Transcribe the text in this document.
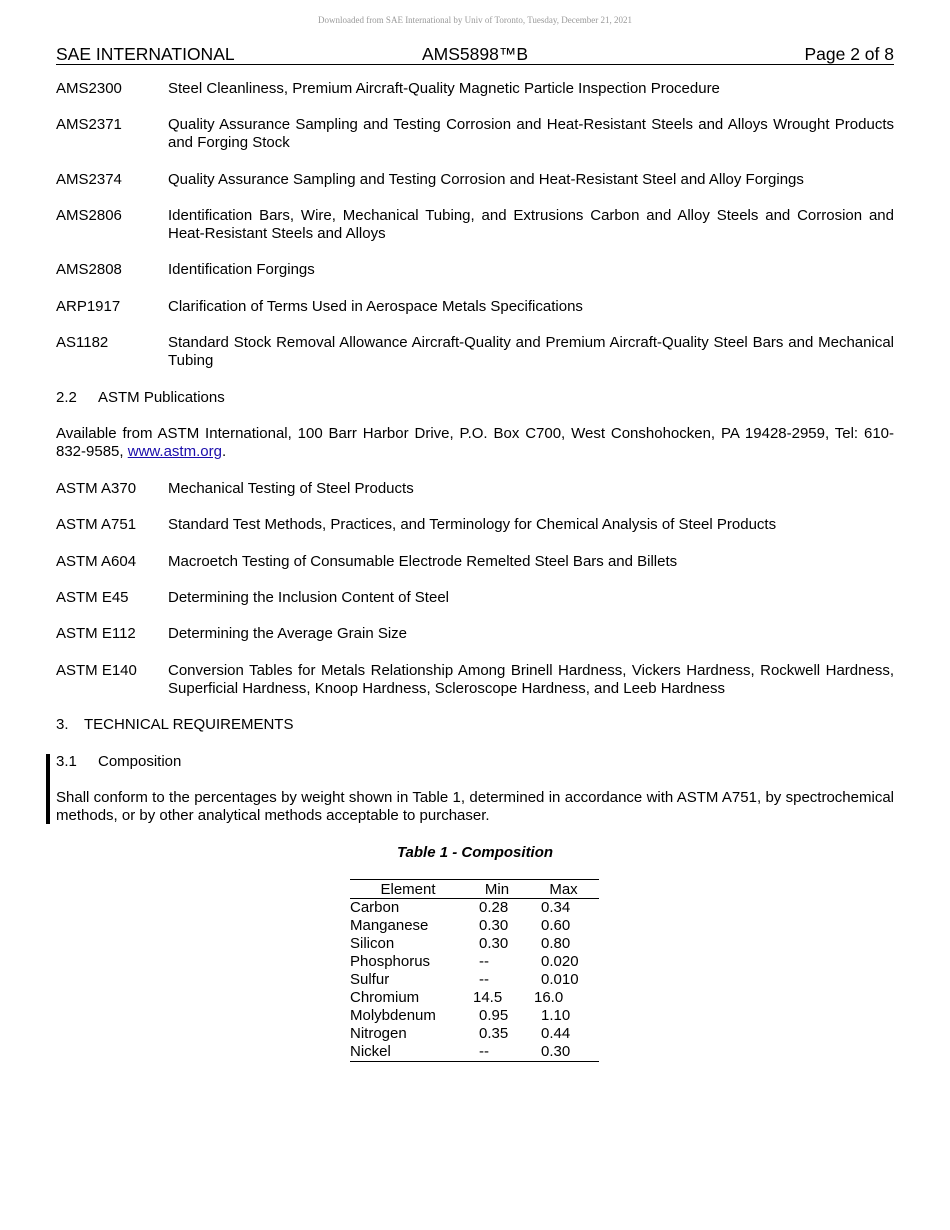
Downloaded from SAE International by Univ of Toronto, Tuesday, December 21, 2021
SAE INTERNATIONAL	AMS5898™B	Page 2 of 8
AMS2300	Steel Cleanliness, Premium Aircraft-Quality Magnetic Particle Inspection Procedure
AMS2371	Quality Assurance Sampling and Testing Corrosion and Heat-Resistant Steels and Alloys Wrought Products and Forging Stock
AMS2374	Quality Assurance Sampling and Testing Corrosion and Heat-Resistant Steel and Alloy Forgings
AMS2806	Identification Bars, Wire, Mechanical Tubing, and Extrusions Carbon and Alloy Steels and Corrosion and Heat-Resistant Steels and Alloys
AMS2808	Identification Forgings
ARP1917	Clarification of Terms Used in Aerospace Metals Specifications
AS1182	Standard Stock Removal Allowance Aircraft-Quality and Premium Aircraft-Quality Steel Bars and Mechanical Tubing
2.2 ASTM Publications
Available from ASTM International, 100 Barr Harbor Drive, P.O. Box C700, West Conshohocken, PA 19428-2959, Tel: 610-832-9585, www.astm.org.
ASTM A370 Mechanical Testing of Steel Products
ASTM A751 Standard Test Methods, Practices, and Terminology for Chemical Analysis of Steel Products
ASTM A604 Macroetch Testing of Consumable Electrode Remelted Steel Bars and Billets
ASTM E45	Determining the Inclusion Content of Steel
ASTM E112 Determining the Average Grain Size
ASTM E140 Conversion Tables for Metals Relationship Among Brinell Hardness, Vickers Hardness, Rockwell Hardness, Superficial Hardness, Knoop Hardness, Scleroscope Hardness, and Leeb Hardness
3. TECHNICAL REQUIREMENTS
3.1 Composition
Shall conform to the percentages by weight shown in Table 1, determined in accordance with ASTM A751, by spectrochemical methods, or by other analytical methods acceptable to purchaser.
Table 1 - Composition
Element	Min	Max
Carbon	0.28	0.34
Manganese	0.30	0.60
Silicon	0.30	0.80
Phosphorus	--	0.020
Sulfur	--	0.010
Chromium	14.5	16.0
Molybdenum	0.95	1.10
Nitrogen	0.35	0.44
Nickel	--	0.30
